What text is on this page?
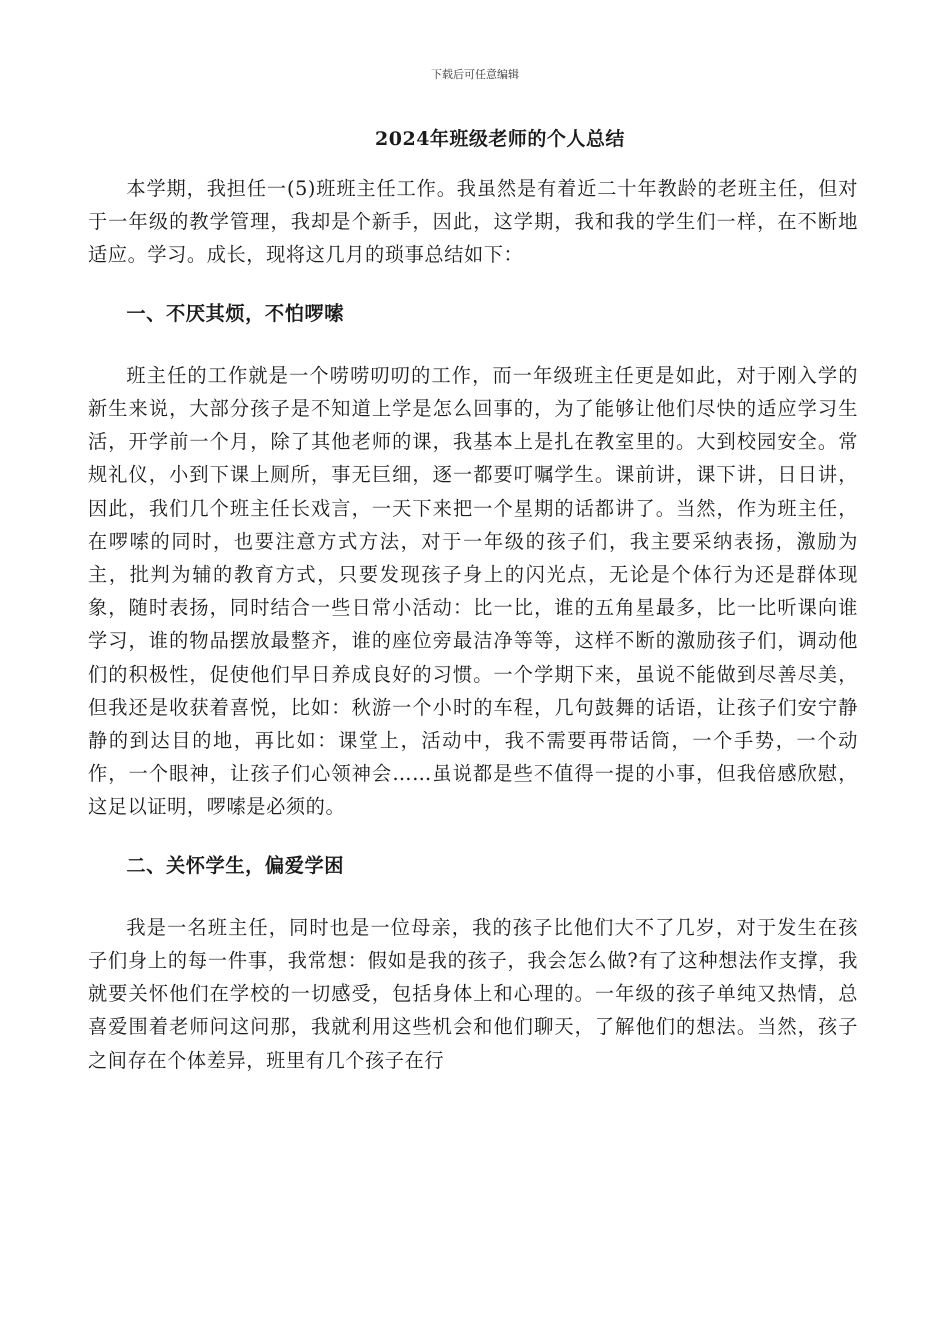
下载后可任意编辑
2024年班级老师的个人总结

本学期，我担任一(5)班班主任工作。我虽然是有着近二十年教龄的老班主任，但对于一年级的教学管理，我却是个新手，因此，这学期，我和我的学生们一样，在不断地适应。学习。成长，现将这几月的琐事总结如下：

一、不厌其烦，不怕啰嗦

班主任的工作就是一个唠唠叨叨的工作，而一年级班主任更是如此，对于刚入学的新生来说，大部分孩子是不知道上学是怎么回事的，为了能够让他们尽快的适应学习生活，开学前一个月，除了其他老师的课，我基本上是扎在教室里的。大到校园安全。常规礼仪，小到下课上厕所，事无巨细，逐一都要叮嘱学生。课前讲，课下讲，日日讲，因此，我们几个班主任长戏言，一天下来把一个星期的话都讲了。当然，作为班主任，在啰嗦的同时，也要注意方式方法，对于一年级的孩子们，我主要采纳表扬，激励为主，批判为辅的教育方式，只要发现孩子身上的闪光点，无论是个体行为还是群体现象，随时表扬，同时结合一些日常小活动：比一比，谁的五角星最多，比一比听课向谁学习，谁的物品摆放最整齐，谁的座位旁最洁净等等，这样不断的激励孩子们，调动他们的积极性，促使他们早日养成良好的习惯。一个学期下来，虽说不能做到尽善尽美，但我还是收获着喜悦，比如：秋游一个小时的车程，几句鼓舞的话语，让孩子们安宁静静的到达目的地，再比如：课堂上，活动中，我不需要再带话筒，一个手势，一个动作，一个眼神，让孩子们心领神会……虽说都是些不值得一提的小事，但我倍感欣慰，这足以证明，啰嗦是必须的。

二、关怀学生，偏爱学困

我是一名班主任，同时也是一位母亲，我的孩子比他们大不了几岁，对于发生在孩子们身上的每一件事，我常想：假如是我的孩子，我会怎么做?有了这种想法作支撑，我就要关怀他们在学校的一切感受，包括身体上和心理的。一年级的孩子单纯又热情，总喜爱围着老师问这问那，我就利用这些机会和他们聊天，了解他们的想法。当然，孩子之间存在个体差异，班里有几个孩子在行
